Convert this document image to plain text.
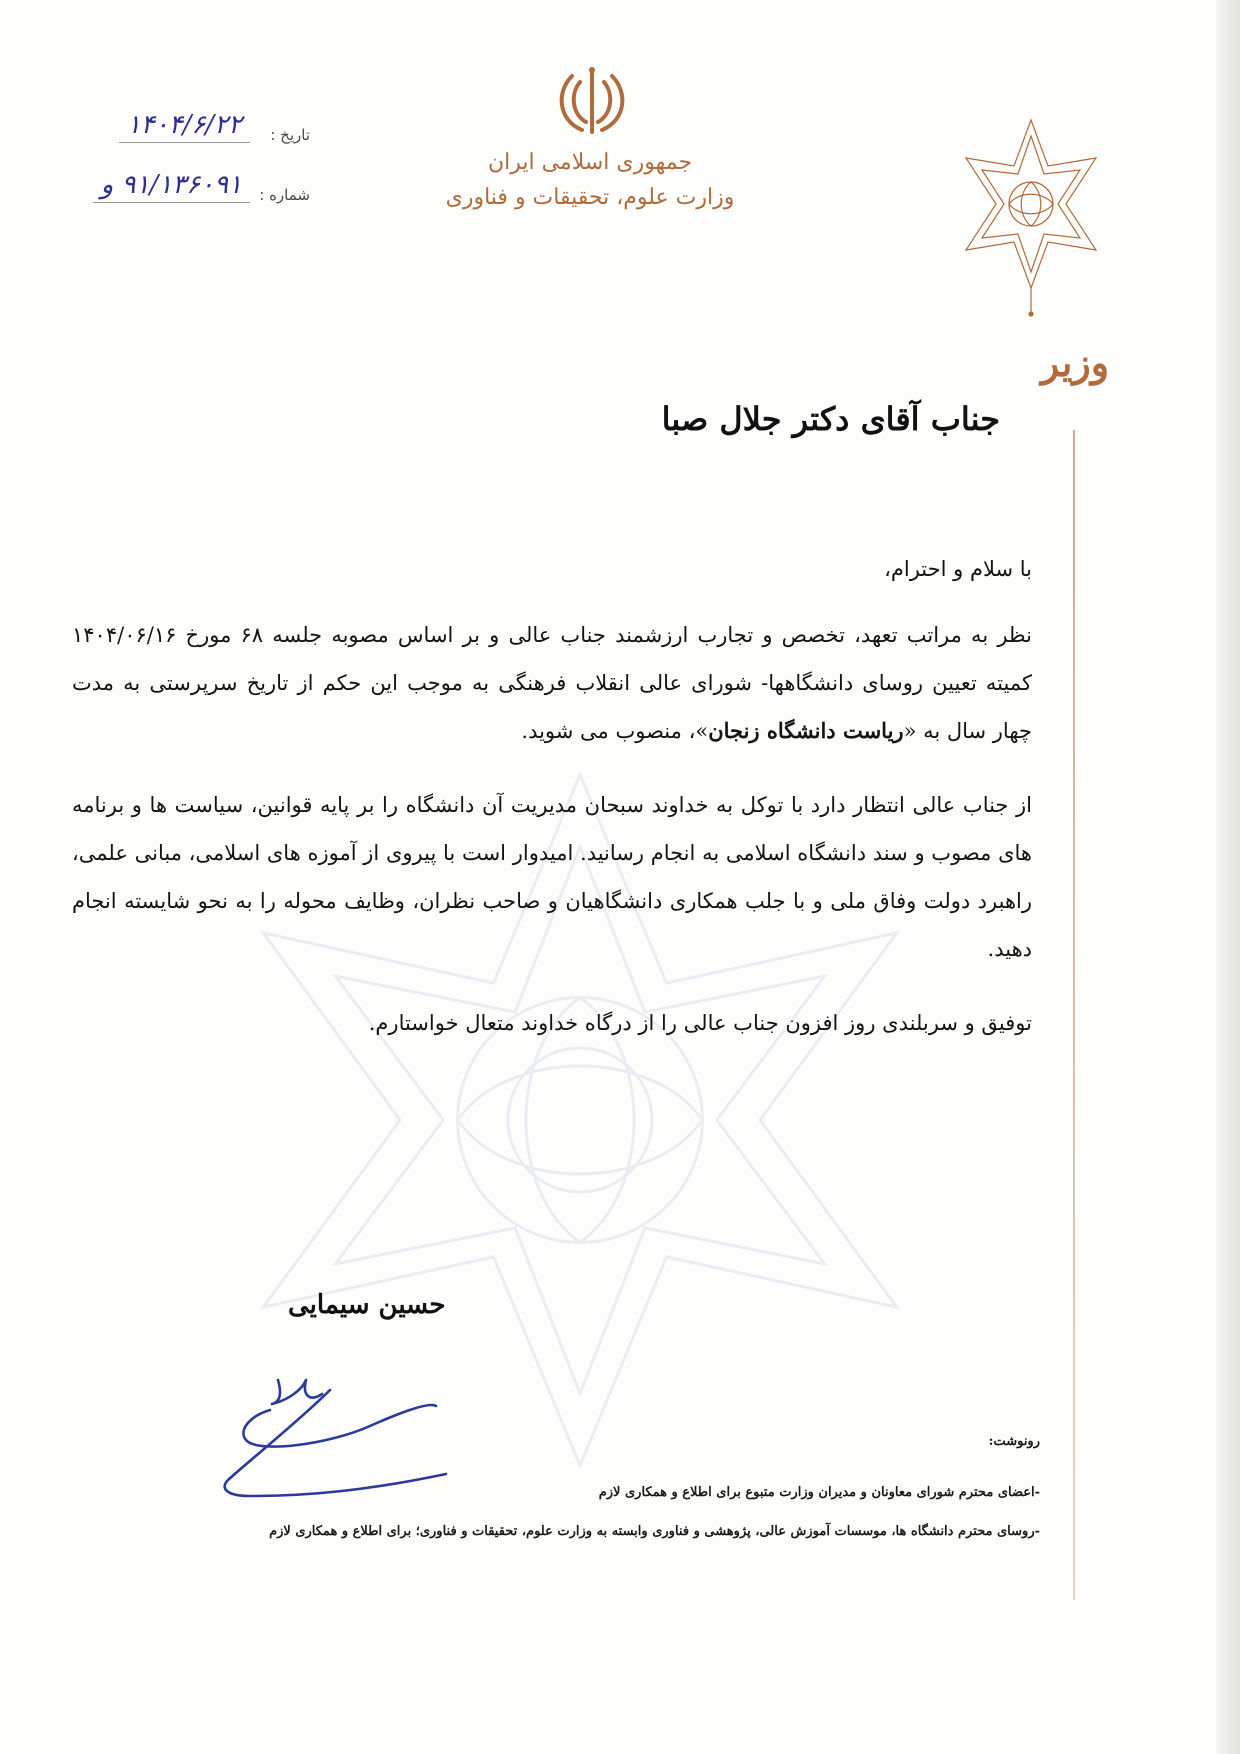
تاریخ :
۱۴۰۴/۶/۲۲
شماره :
۹۱/۱۳۶۰۹۱ و
جمهوری اسلامی ایران
وزارت علوم، تحقیقات و فناوری
وزیر
جناب آقای دکتر جلال صبا

با سلام و احترام،

نظر به مراتب تعهد، تخصص و تجارب ارزشمند جناب عالی و بر اساس مصوبه جلسه ۶۸ مورخ ۱۴۰۴/۰۶/۱۶ کمیته تعیین روسای دانشگاهها- شورای عالی انقلاب فرهنگی به موجب این حکم از تاریخ سرپرستی به مدت چهار سال به «ریاست دانشگاه زنجان»، منصوب می شوید.

از جناب عالی انتظار دارد با توکل به خداوند سبحان مدیریت آن دانشگاه را بر پایه قوانین، سیاست ها و برنامه های مصوب و سند دانشگاه اسلامی به انجام رسانید. امیدوار است با پیروی از آموزه های اسلامی، مبانی علمی، راهبرد دولت وفاق ملی و با جلب همکاری دانشگاهیان و صاحب نظران، وظایف محوله را به نحو شایسته انجام دهید.

توفیق و سربلندی روز افزون جناب عالی را از درگاه خداوند متعال خواستارم.

حسین سیمایی
رونوشت:
-اعضای محترم شورای معاونان و مدیران وزارت متبوع برای اطلاع و همکاری لازم
-روسای محترم دانشگاه ها، موسسات آموزش عالی، پژوهشی و فناوری وابسته به وزارت علوم، تحقیقات و فناوری؛ برای اطلاع و همکاری لازم
